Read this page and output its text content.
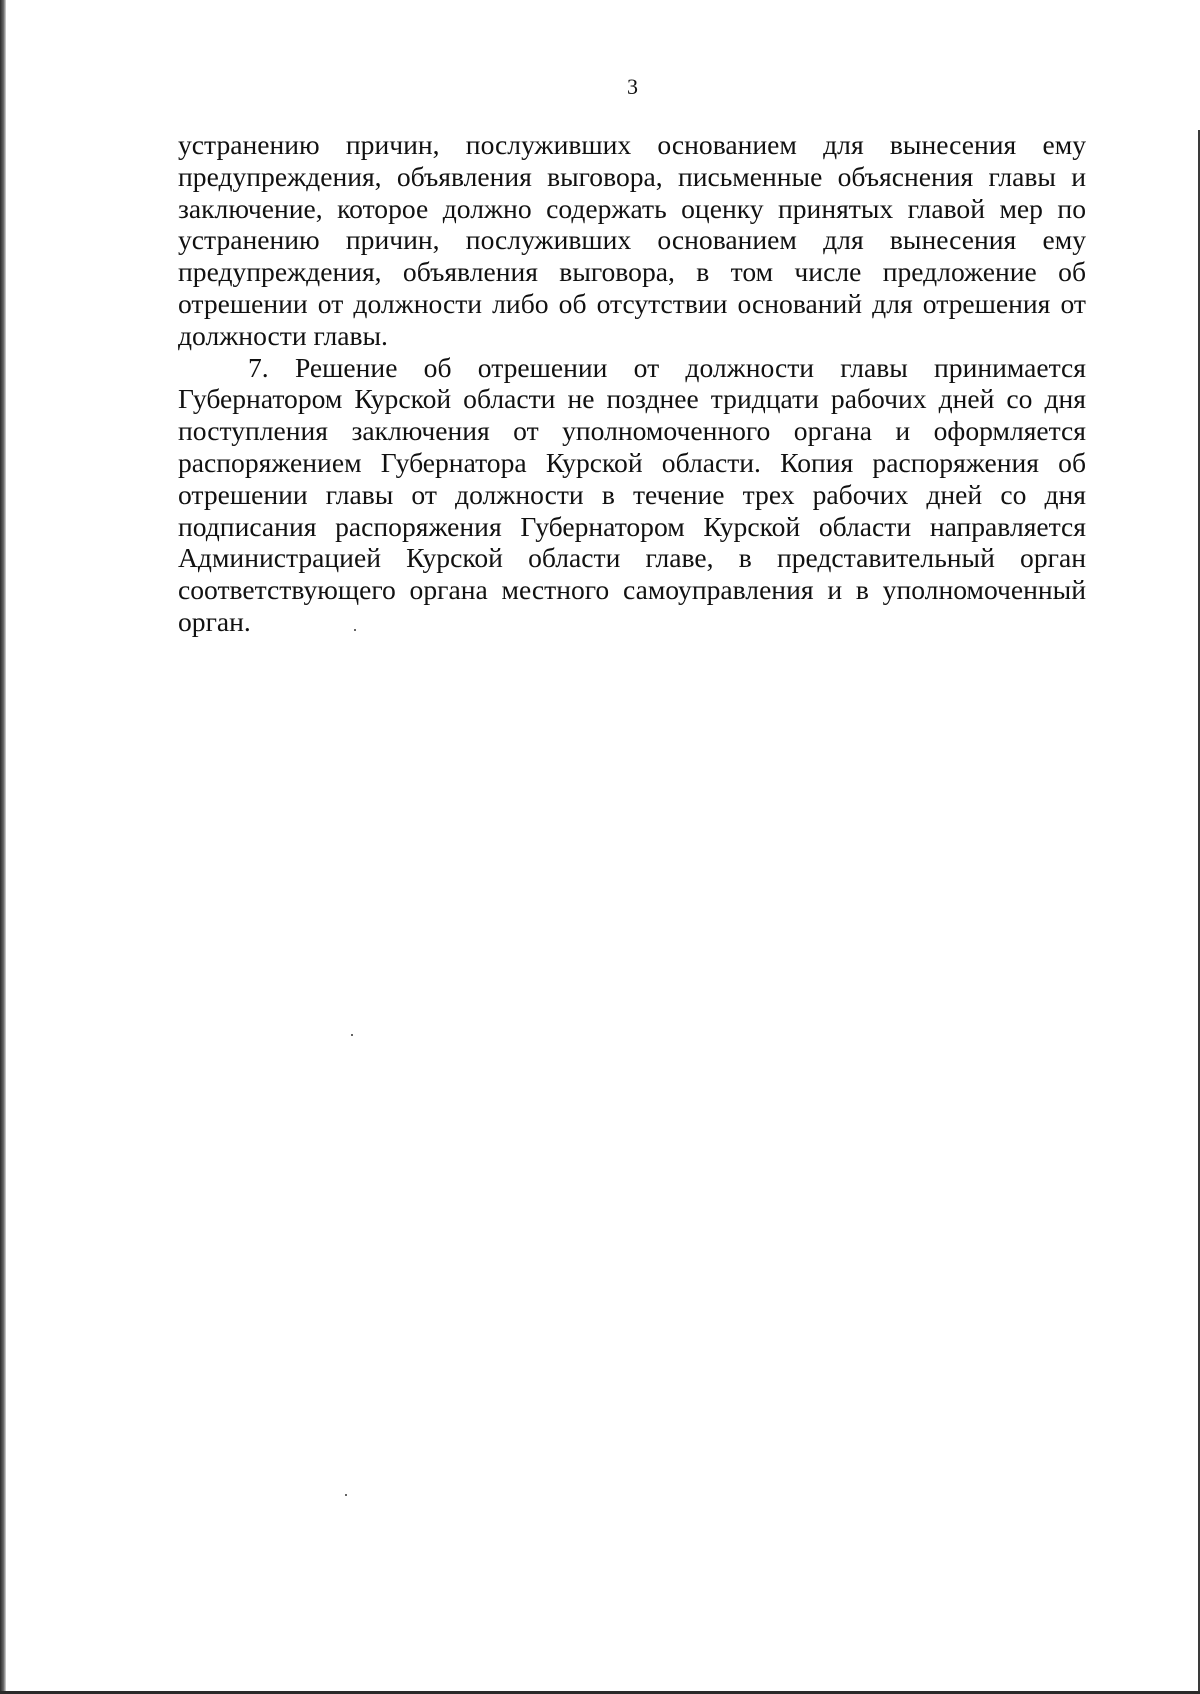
3

устранению причин, послуживших основанием для вынесения ему предупреждения, объявления выговора, письменные объяснения главы и заключение, которое должно содержать оценку принятых главой мер по устранению причин, послуживших основанием для вынесения ему предупреждения, объявления выговора, в том числе предложение об отрешении от должности либо об отсутствии оснований для отрешения от должности главы.

7. Решение об отрешении от должности главы принимается Губернатором Курской области не позднее тридцати рабочих дней со дня поступления заключения от уполномоченного органа и оформляется распоряжением Губернатора Курской области. Копия распоряжения об отрешении главы от должности в течение трех рабочих дней со дня подписания распоряжения Губернатором Курской области направляется Администрацией Курской области главе, в представительный орган соответствующего органа местного самоуправления и в уполномоченный орган.
